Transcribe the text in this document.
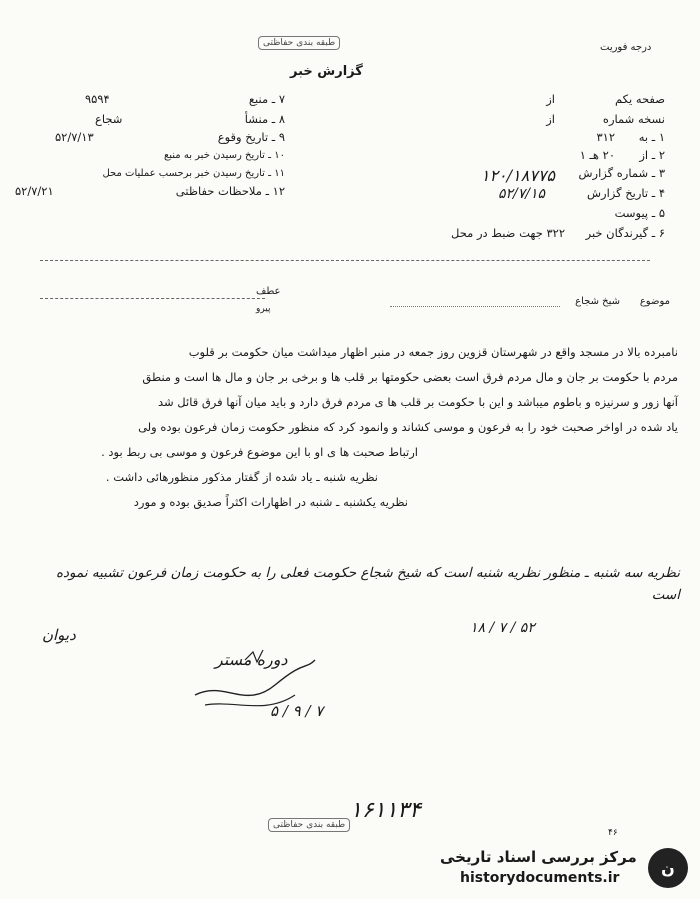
طبقه بندی حفاظتی	درجه فوریت
گزارش خبر
۷ ـ منبع
۹۵۹۴
۸ ـ منشأ
شجاع
۹ ـ تاریخ وقوع
۵۲/۷/۱۳
۱۰ ـ تاریخ رسیدن خبر به منبع
۱۱ ـ تاریخ رسیدن خبر برحسب عملیات محل
۱۲ ـ ملاحظات حفاظتی
۵۲/۷/۲۱
صفحه یکم
از
نسخه شماره
از
۱ ـ به
۳۱۲
۲ ـ از
۲۰ هـ ۱
۳ ـ شماره گزارش
۱۲۰/۱۸۷۷۵
۴ ـ تاریخ گزارش
۵۲/۷/۱۵
۵ ـ پیوست
۶ ـ گیرندگان خبر
۳۲۲ جهت ضبط در محل
عطف
پیرو
موضوع
شیخ شجاع
نامبرده بالا در مسجد واقع در شهرستان قزوین روز جمعه در منبر اظهار میداشت میان حکومت بر قلوب
مردم با حکومت بر جان و مال مردم فرق است بعضی حکومتها بر قلب ها و برخی بر جان و مال ها است و منطق
آنها زور و سرنیزه و باطوم میباشد و این با حکومت بر قلب ها ی مردم فرق دارد و باید میان آنها فرق قائل شد
یاد شده در اواخر صحبت خود را به فرعون و موسی کشاند و وانمود کرد که منظور حکومت زمان فرعون بوده ولی
ارتباط صحبت ها ی او با این موضوع فرعون و موسی بی ربط بود .
نظریه شنبه ـ یاد شده از گفتار مذکور منظورهائی داشت .
نظریه یکشنبه ـ شنبه در اظهارات اکثراً صدیق بوده و مورد
نظریه سه شنبه ـ منظور نظریه شنبه است که شیخ شجاع حکومت فعلی را به حکومت زمان فرعون تشبیه نموده است
۱۸ / ۷ / ۵۲
دیوان
دوره مستر
۵ / ۹ / ۷
۱۶۱۱۳۴
طبقه بندی حفاظتی
۴۶
مرکز بررسی اسناد تاریخی
historydocuments.ir
ن
